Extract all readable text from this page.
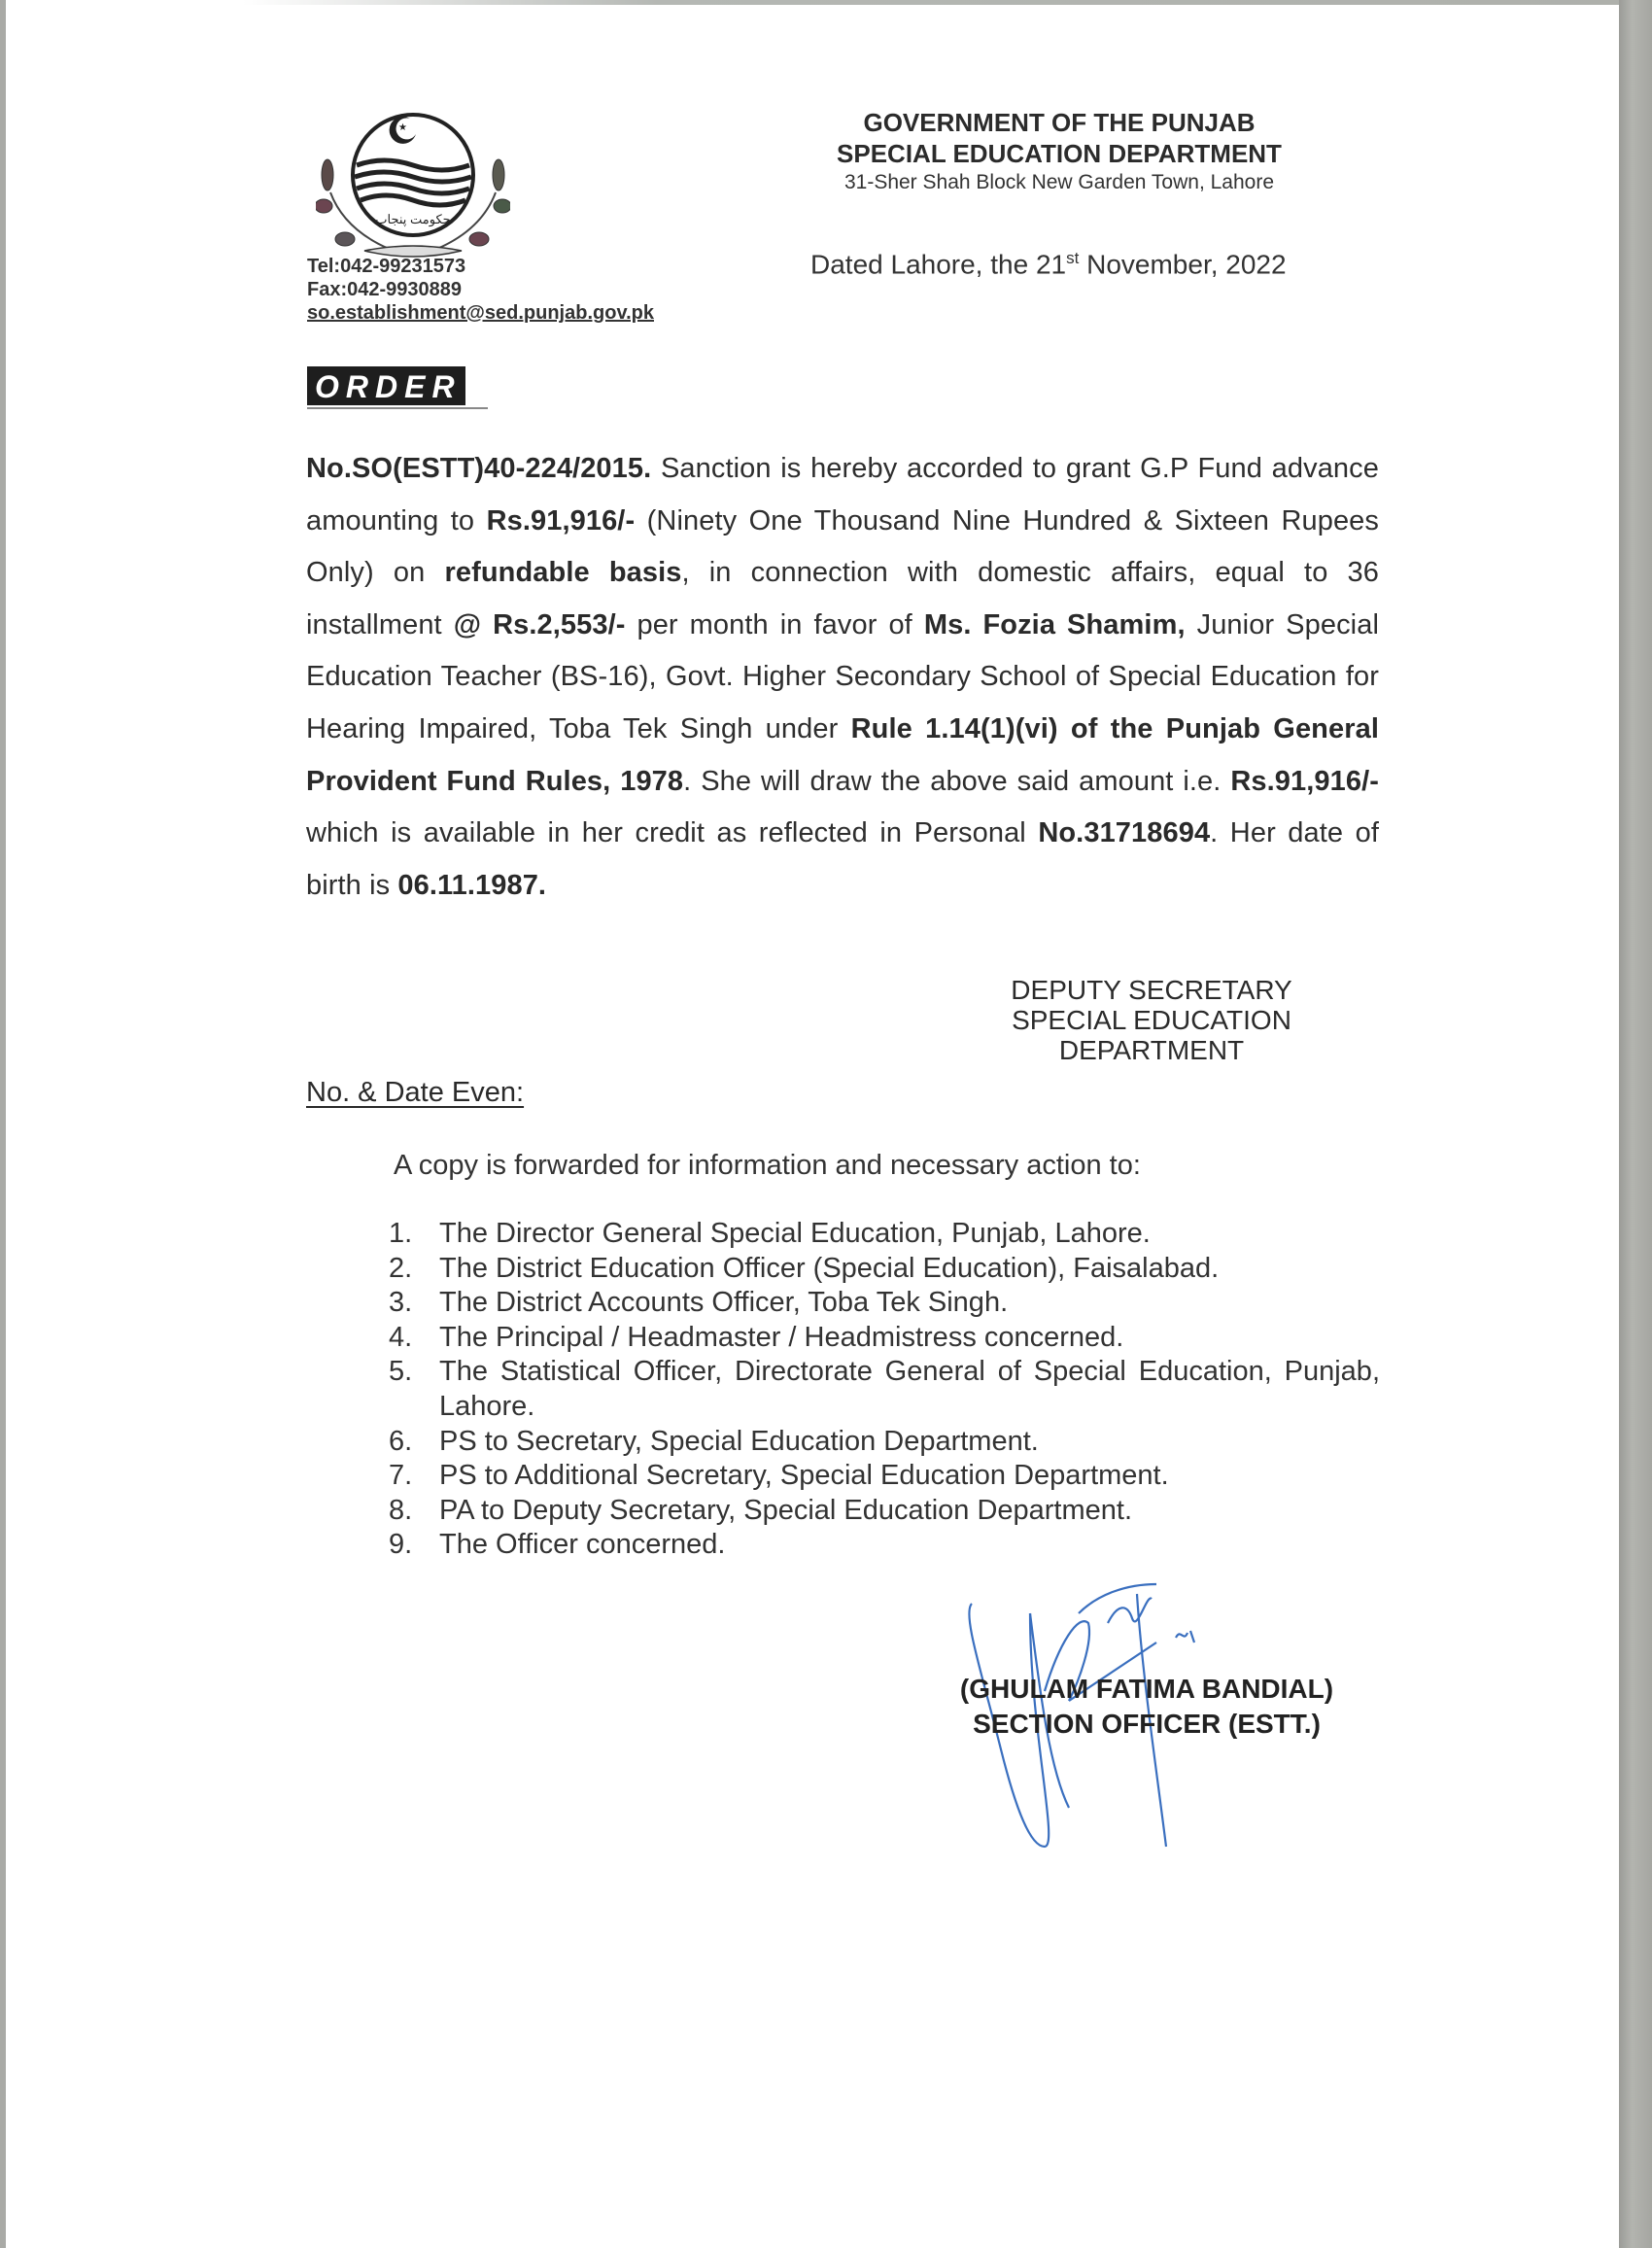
★
حکومت پنجاب
Tel:042-99231573
Fax:042-9930889
so.establishment@sed.punjab.gov.pk
GOVERNMENT OF THE PUNJAB
SPECIAL EDUCATION DEPARTMENT
31-Sher Shah Block New Garden Town, Lahore
Dated Lahore, the 21st November, 2022
ORDER

No.SO(ESTT)40-224/2015. Sanction is hereby accorded to grant G.P Fund advance amounting to Rs.91,916/- (Ninety One Thousand Nine Hundred & Sixteen Rupees Only) on refundable basis, in connection with domestic affairs, equal to 36 installment @ Rs.2,553/- per month in favor of Ms. Fozia Shamim, Junior Special Education Teacher (BS-16), Govt. Higher Secondary School of Special Education for Hearing Impaired, Toba Tek Singh under Rule 1.14(1)(vi) of the Punjab General Provident Fund Rules, 1978. She will draw the above said amount i.e. Rs.91,916/- which is available in her credit as reflected in Personal No.31718694. Her date of birth is 06.11.1987.

DEPUTY SECRETARY
SPECIAL EDUCATION
DEPARTMENT
No. & Date Even:
A copy is forwarded for information and necessary action to:
1. The Director General Special Education, Punjab, Lahore.
2. The District Education Officer (Special Education), Faisalabad.
3. The District Accounts Officer, Toba Tek Singh.
4. The Principal / Headmaster / Headmistress concerned.
5. The Statistical Officer, Directorate General of Special Education, Punjab, Lahore.
6. PS to Secretary, Special Education Department.
7. PS to Additional Secretary, Special Education Department.
8. PA to Deputy Secretary, Special Education Department.
9. The Officer concerned.
(GHULAM FATIMA BANDIAL)
SECTION OFFICER (ESTT.)
